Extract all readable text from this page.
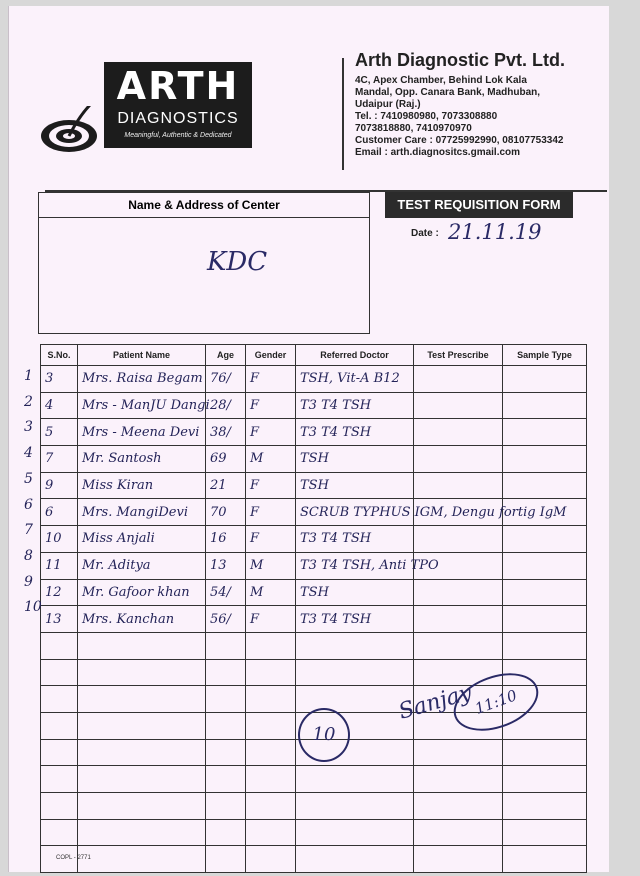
ARTH
DIAGNOSTICS
Meaningful, Authentic & Dedicated
Arth Diagnostic Pvt. Ltd.
4C, Apex Chamber, Behind Lok Kala
Mandal, Opp. Canara Bank, Madhuban,
Udaipur (Raj.)
Tel. : 7410980980, 7073308880
7073818880, 7410970970
Customer Care : 07725992990, 08107753342
Email : arth.diagnositcs.gmail.com
Name & Address of Center
KDC
TEST REQUISITION FORM
Date : 21.11.19
S.No.	Patient Name	Age	Gender	Referred Doctor	Test Prescribe	Sample Type
3	Mrs. Raisa Begam	76/	F	TSH, Vit-A B12		
4	Mrs - ManJU Dangi	28/	F	T3 T4 TSH		
5	Mrs - Meena Devi	38/	F	T3 T4 TSH		
7	Mr. Santosh	69	M	TSH		
9	Miss Kiran	21	F	TSH		
6	Mrs. MangiDevi	70	F	SCRUB TYPHUS IGM, Dengu fortig IgM		
10	Miss Anjali	16	F	T3 T4 TSH		
11	Mr. Aditya	13	M	T3 T4 TSH, Anti TPO		
12	Mr. Gafoor khan	54/	M	TSH		
13	Mrs. Kanchan	56/	F	T3 T4 TSH		

1
2
3
4
5
6
7
8
9
10
10
Sanjay
11:10
COPL - 2771
